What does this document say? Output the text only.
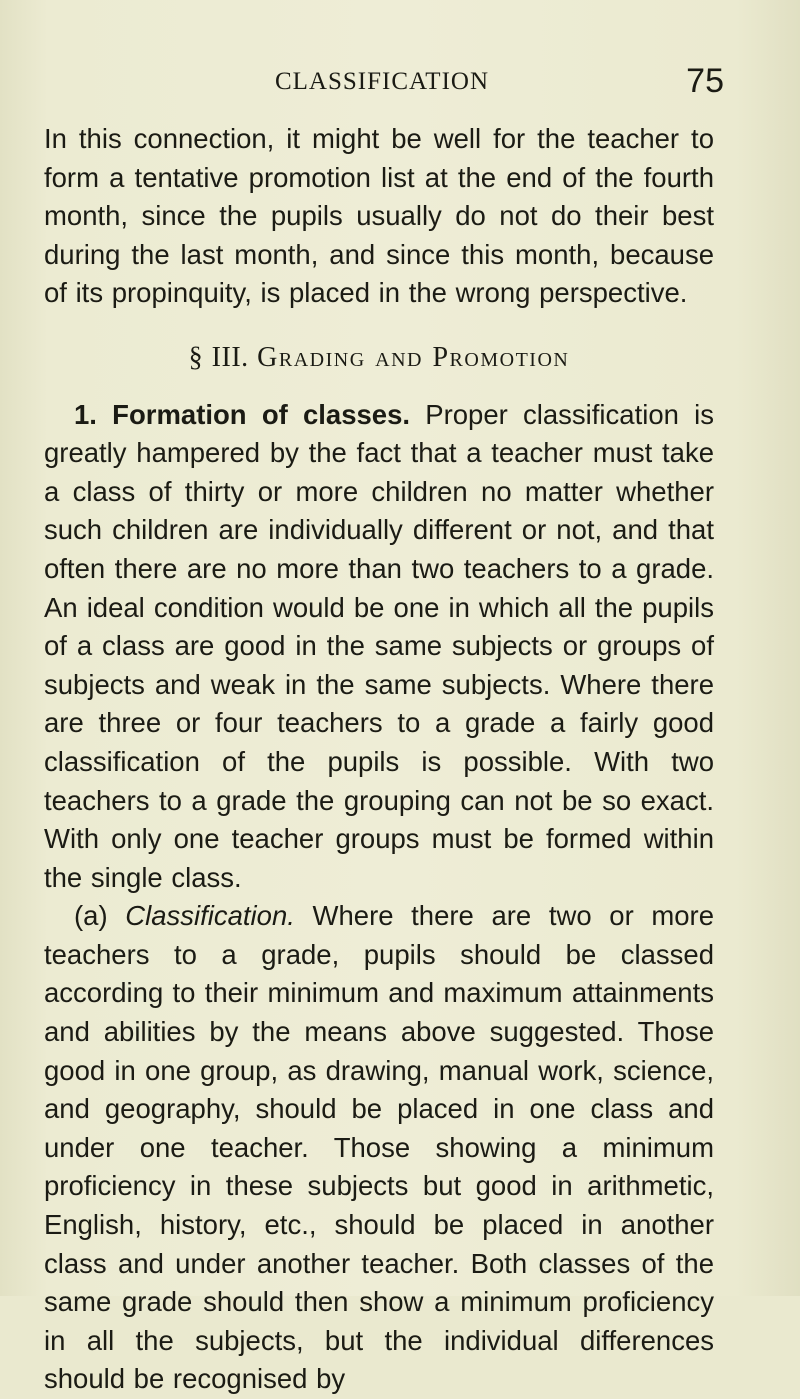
CLASSIFICATION	75

In this connection, it might be well for the teacher to form a tentative promotion list at the end of the fourth month, since the pupils usually do not do their best during the last month, and since this month, because of its propinquity, is placed in the wrong perspective.

§ III. Grading and Promotion

1. Formation of classes. Proper classification is greatly hampered by the fact that a teacher must take a class of thirty or more children no matter whether such children are individually different or not, and that often there are no more than two teachers to a grade. An ideal condition would be one in which all the pupils of a class are good in the same subjects or groups of subjects and weak in the same subjects. Where there are three or four teachers to a grade a fairly good classification of the pupils is possible. With two teachers to a grade the grouping can not be so exact. With only one teacher groups must be formed within the single class.

(a) Classification. Where there are two or more teachers to a grade, pupils should be classed according to their minimum and maximum attainments and abilities by the means above suggested. Those good in one group, as drawing, manual work, science, and geography, should be placed in one class and under one teacher. Those showing a minimum proficiency in these subjects but good in arithmetic, English, history, etc., should be placed in another class and under another teacher. Both classes of the same grade should then show a minimum proficiency in all the subjects, but the individual differences should be recognised by
